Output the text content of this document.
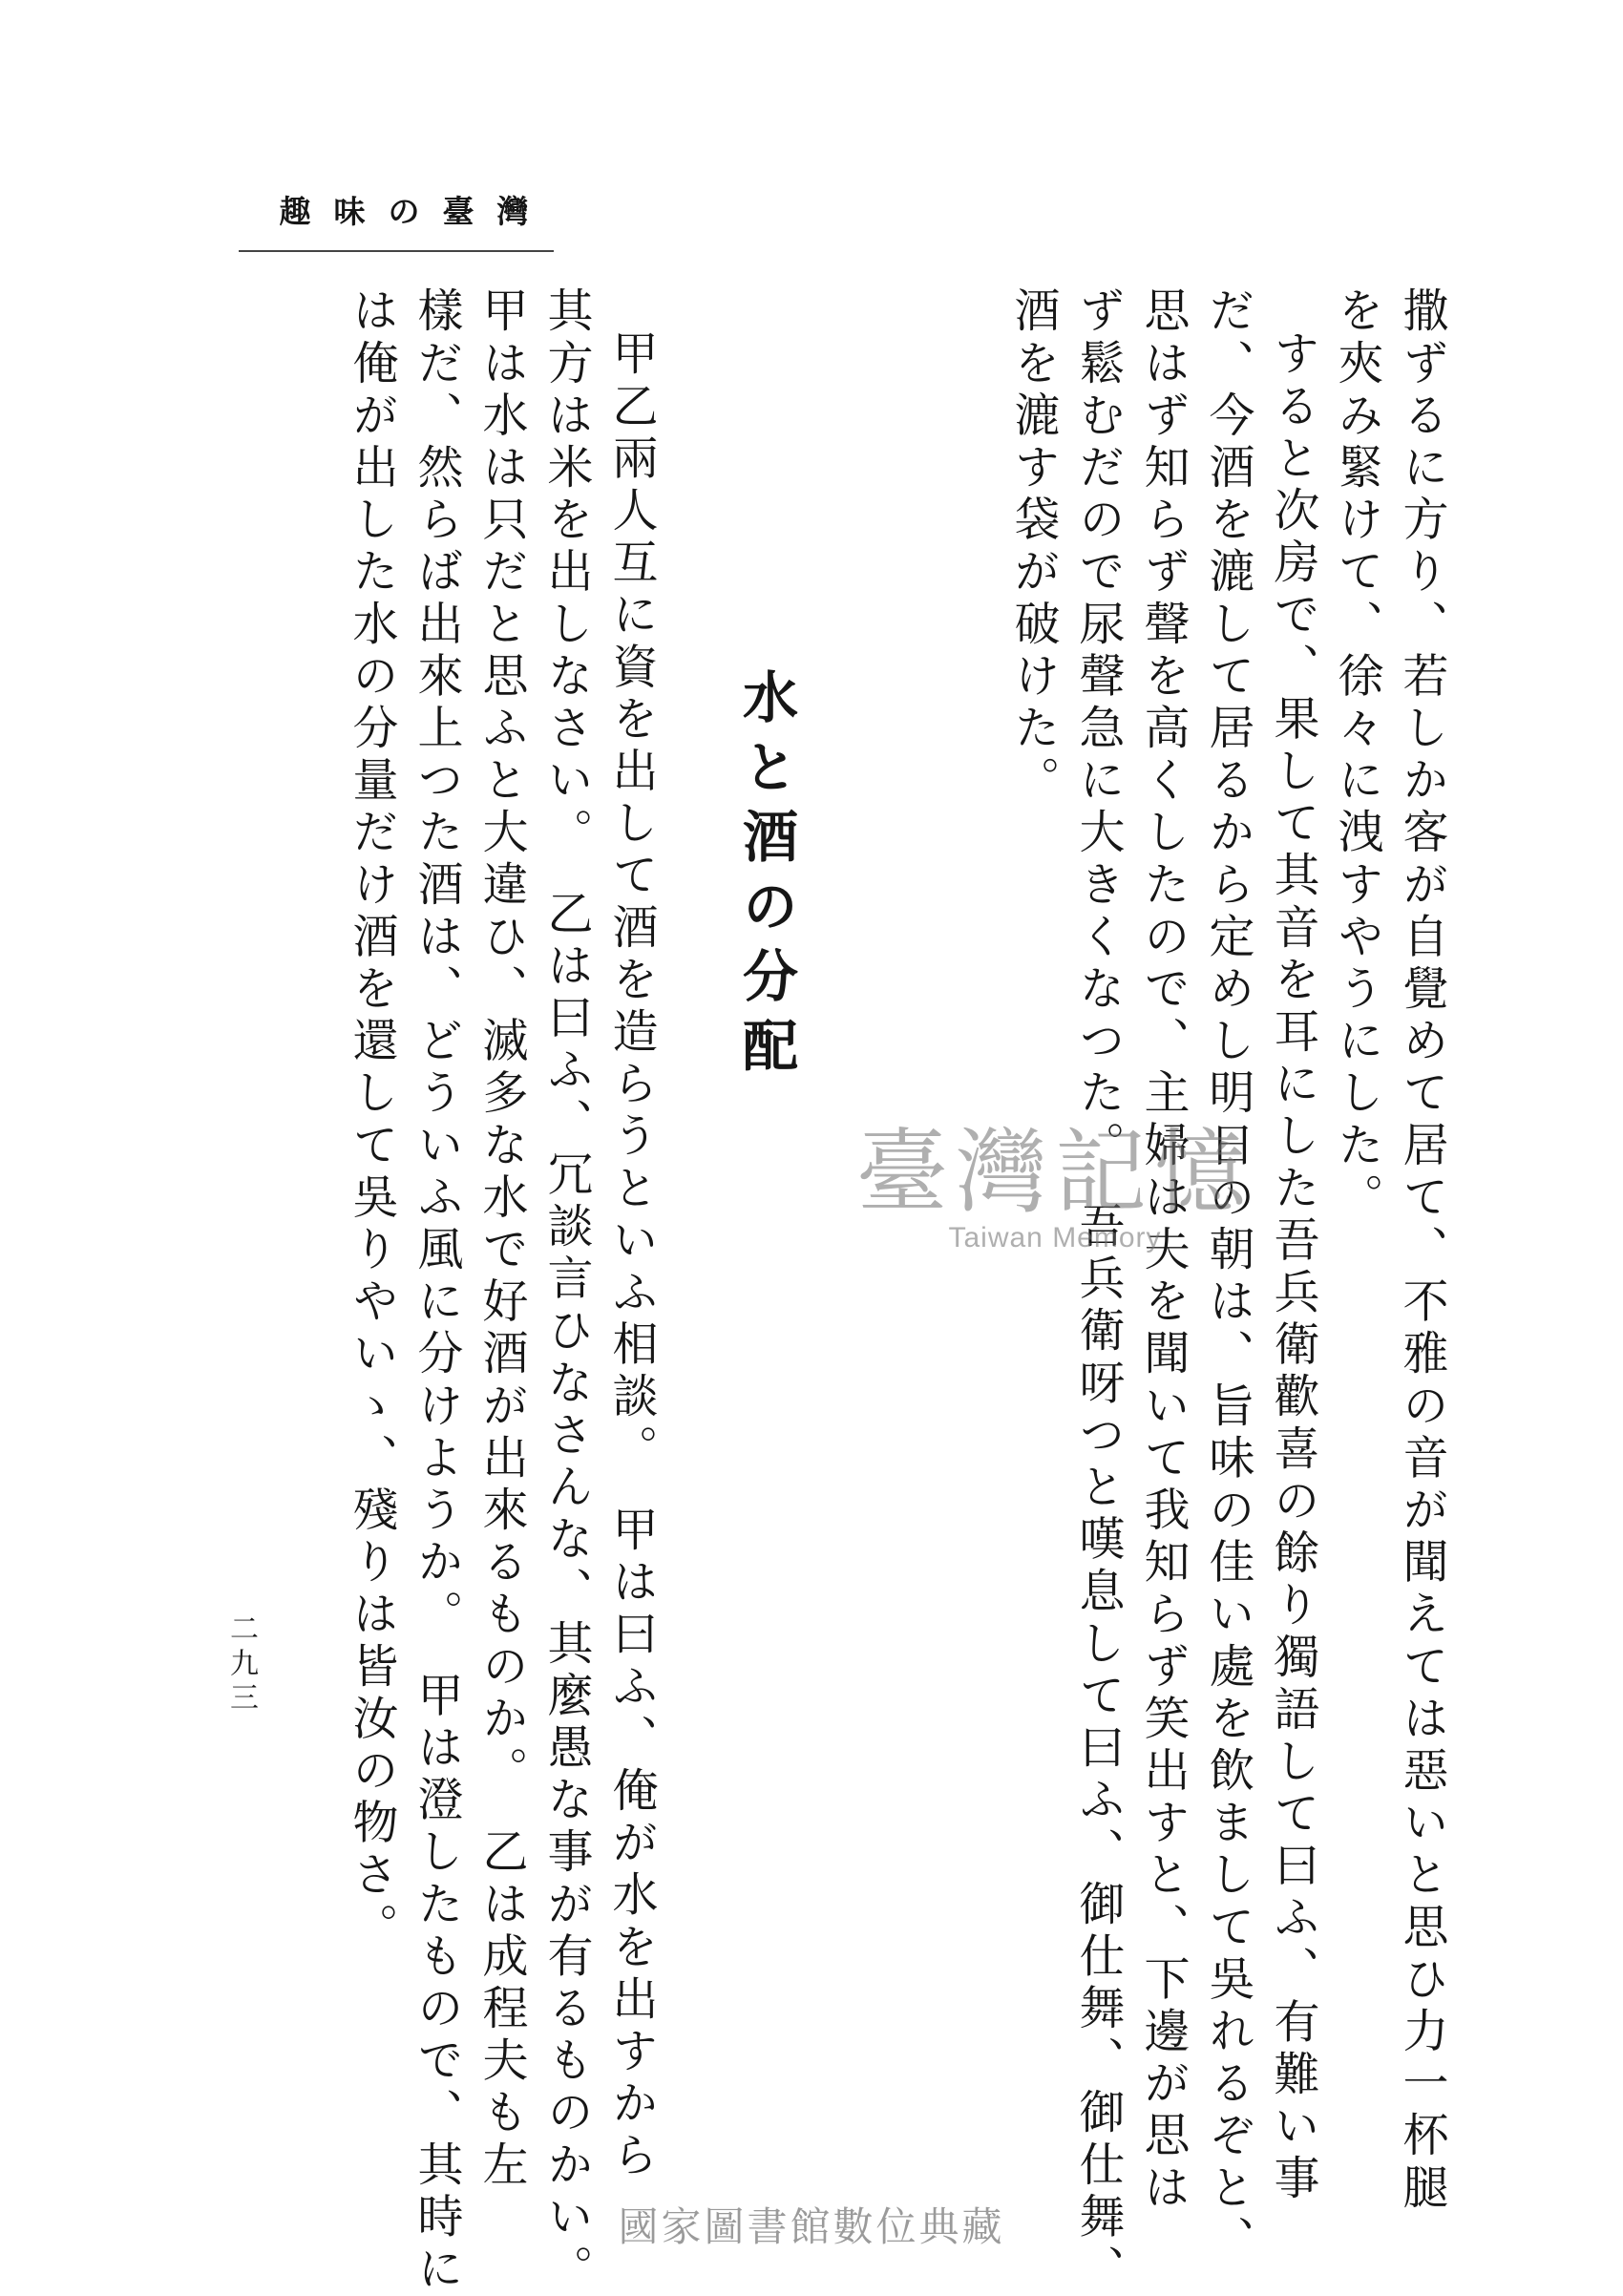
趣味の臺灣
撒ずるに方り、若しか客が自覺めて居て、不雅の音が聞えては惡いと思ひ力一杯腿
を夾み緊けて、徐々に洩すやうにした。
すると次房で、果して其音を耳にした吾兵衛歡喜の餘り獨語して曰ふ、有難い事
だ、今酒を漉して居るから定めし明日の朝は、旨味の佳い處を飲まして吳れるぞと、
思はず知らず聲を高くしたので、主婦は夫を聞いて我知らず笑出すと、下邊が思は
ず鬆むだので尿聲急に大きくなつた。　吾兵衛呀つと嘆息して曰ふ、御仕舞、御仕舞、
酒を漉す袋が破けた。
水と酒の分配
甲乙兩人互に資を出して酒を造らうといふ相談。　甲は曰ふ、俺が水を出すから
其方は米を出しなさい。　乙は曰ふ、冗談言ひなさんな、其麼愚な事が有るものかい。
甲は水は只だと思ふと大違ひ、滅多な水で好酒が出來るものか。　乙は成程夫も左
樣だ、然らば出來上つた酒は、どういふ風に分けようか。　甲は澄したもので、其時に
は俺が出した水の分量だけ酒を還して吳りやいゝ、殘りは皆汝の物さ。
二九三
臺灣記憶
Taiwan Memory
國家圖書館數位典藏
